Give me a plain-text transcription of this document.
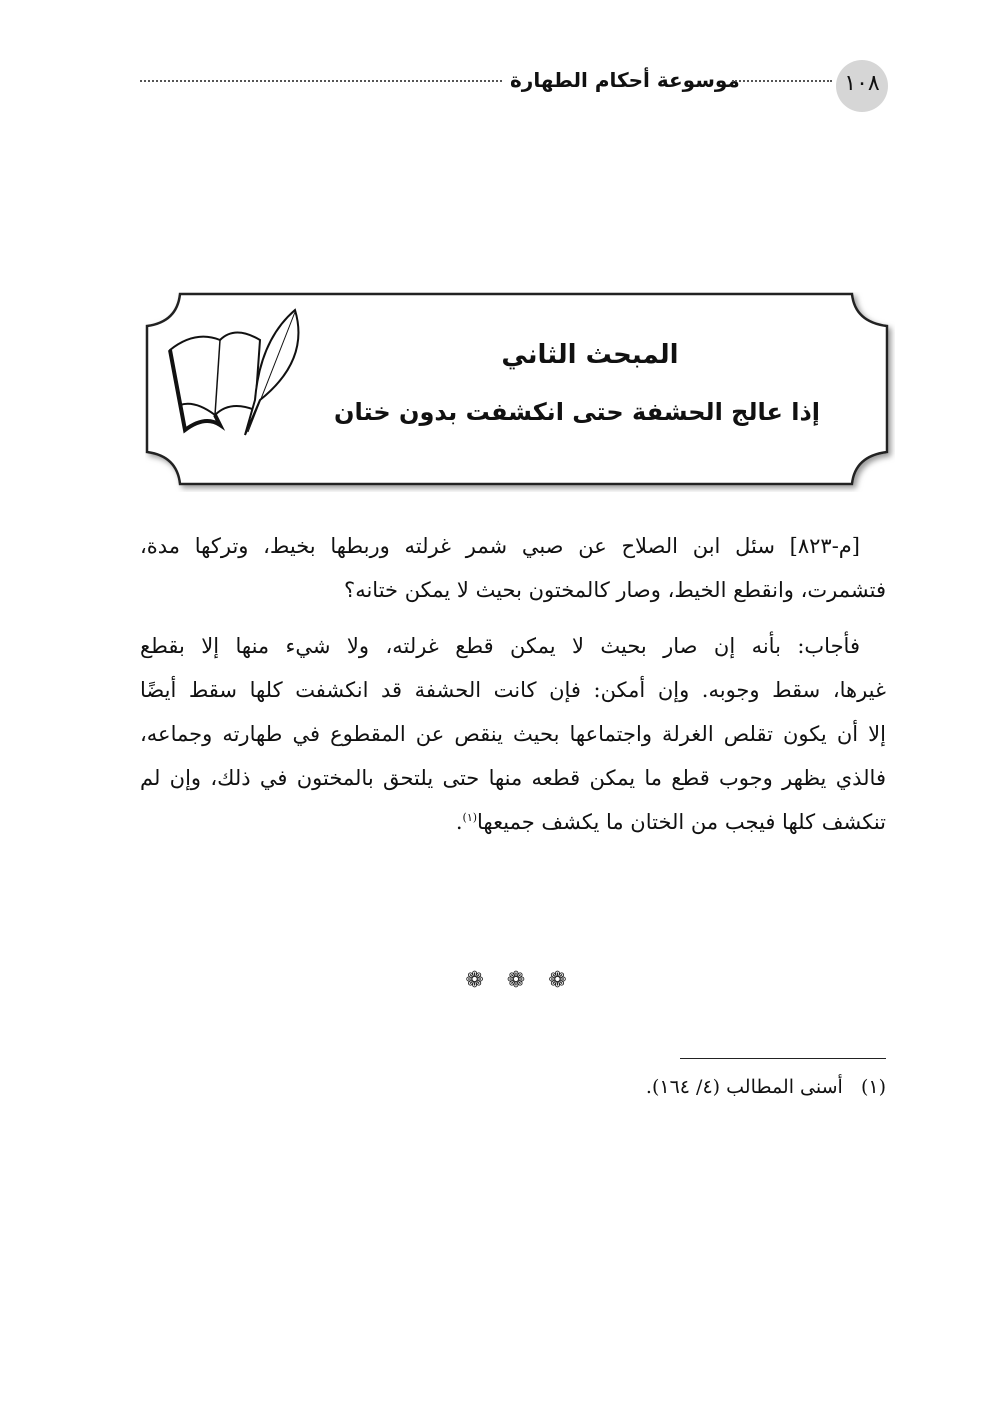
موسوعة أحكام الطهارة	١٠٨
المبحث الثاني
إذا عالج الحشفة حتى انكشفت بدون ختان
[م-٨٢٣] سئل ابن الصلاح عن صبي شمر غرلته وربطها بخيط، وتركها مدة،
فتشمرت، وانقطع الخيط، وصار كالمختون بحيث لا يمكن ختانه؟
فأجاب: بأنه إن صار بحيث لا يمكن قطع غرلته، ولا شيء منها إلا بقطع
غيرها، سقط وجوبه. وإن أمكن: فإن كانت الحشفة قد انكشفت كلها سقط أيضًا
إلا أن يكون تقلص الغرلة واجتماعها بحيث ينقص عن المقطوع في طهارته وجماعه،
فالذي يظهر وجوب قطع ما يمكن قطعه منها حتى يلتحق بالمختون في ذلك، وإن لم
تنكشف كلها فيجب من الختان ما يكشف جميعها$^{(١)}$.
❁ ❁ ❁
(١)   أسنى المطالب (٤/ ١٦٤).
